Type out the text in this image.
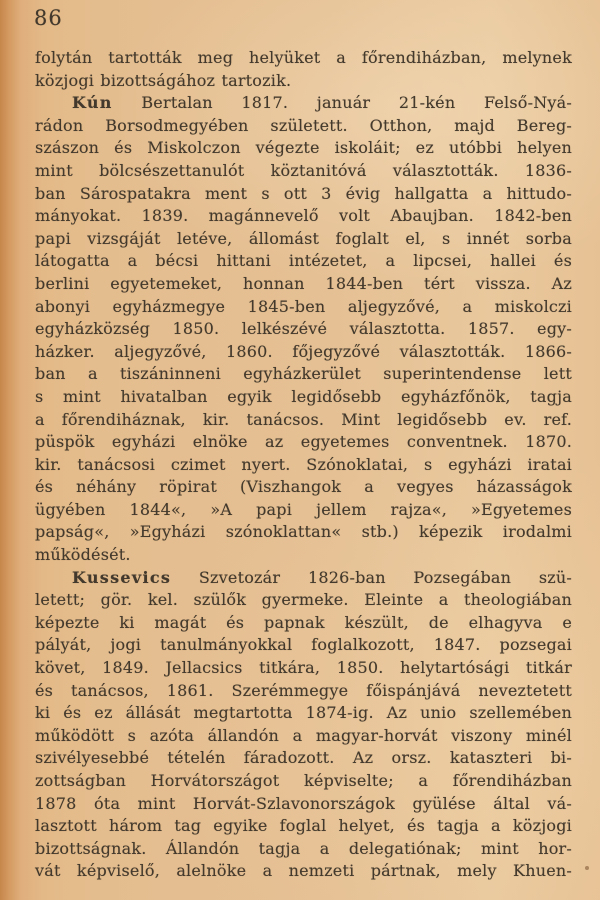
86
folytán tartották meg helyüket a főrendiházban, melynek
közjogi bizottságához tartozik.
Kún Bertalan 1817. január 21-kén Felső-Nyá-
rádon Borsodmegyében született. Otthon, majd Bereg-
szászon és Miskolczon végezte iskoláit; ez utóbbi helyen
mint bölcsészettanulót köztanitóvá választották. 1836-
ban Sárospatakra ment s ott 3 évig hallgatta a hittudo-
mányokat. 1839. magánnevelő volt Abaujban. 1842-ben
papi vizsgáját letéve, állomást foglalt el, s innét sorba
látogatta a bécsi hittani intézetet, a lipcsei, hallei és
berlini egyetemeket, honnan 1844-ben tért vissza. Az
abonyi egyházmegye 1845-ben aljegyzővé, a miskolczi
egyházközség 1850. lelkészévé választotta. 1857. egy-
házker. aljegyzővé, 1860. főjegyzővé választották. 1866-
ban a tiszáninneni egyházkerület superintendense lett
s mint hivatalban egyik legidősebb egyházfőnök, tagja
a főrendiháznak, kir. tanácsos. Mint legidősebb ev. ref.
püspök egyházi elnöke az egyetemes conventnek. 1870.
kir. tanácsosi czimet nyert. Szónoklatai, s egyházi iratai
és néhány röpirat (Viszhangok a vegyes házasságok
ügyében 1844«, »A papi jellem rajza«, »Egyetemes
papság«, »Egyházi szónoklattan« stb.) képezik irodalmi
működését.
Kussevics Szvetozár 1826-ban Pozsegában szü-
letett; gör. kel. szülők gyermeke. Eleinte a theologiában
képezte ki magát és papnak készült, de elhagyva e
pályát, jogi tanulmányokkal foglalkozott, 1847. pozsegai
követ, 1849. Jellacsics titkára, 1850. helytartósági titkár
és tanácsos, 1861. Szerémmegye főispánjává neveztetett
ki és ez állását megtartotta 1874-ig. Az unio szellemében
működött s azóta állandón a magyar-horvát viszony minél
szivélyesebbé tételén fáradozott. Az orsz. kataszteri bi-
zottságban Horvátországot képviselte; a főrendiházban
1878 óta mint Horvát-Szlavonországok gyülése által vá-
lasztott három tag egyike foglal helyet, és tagja a közjogi
bizottságnak. Állandón tagja a delegatiónak; mint hor-
vát képviselő, alelnöke a nemzeti pártnak, mely Khuen-
